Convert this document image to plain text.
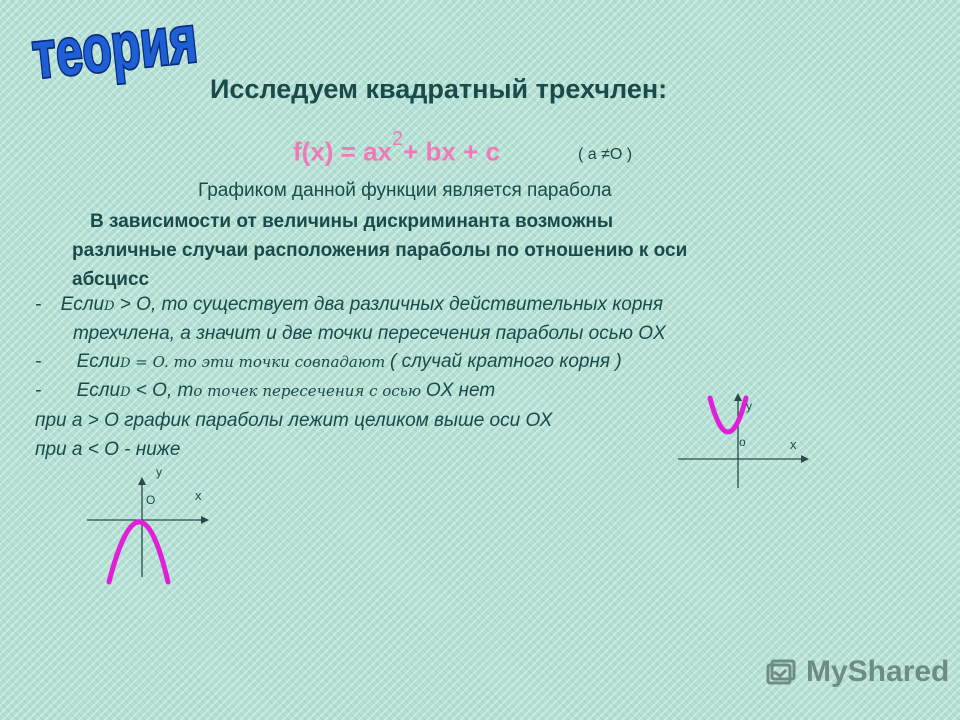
теория Исследуем квадратный трехчлен:
$f(x) = ax^2+$ bx + c	( a ≠O )
Графиком данной функции является парабола
В зависимости от величины дискриминанта возможны
различные случаи расположения параболы по отношению к оси
абсцисс
- ЕслиD > O, то существует два различных действительных корня
трехчлена, а значит и две точки пересечения параболы осью OX
- ЕслиD = O. то эти точки совпадают ( случай кратного корня )
- ЕслиD < O, то точек пересечения с осью OX нет
при а > O график параболы лежит целиком выше оси ОХ
при а < O - ниже
y
o	x
y
O	x
MyShared
